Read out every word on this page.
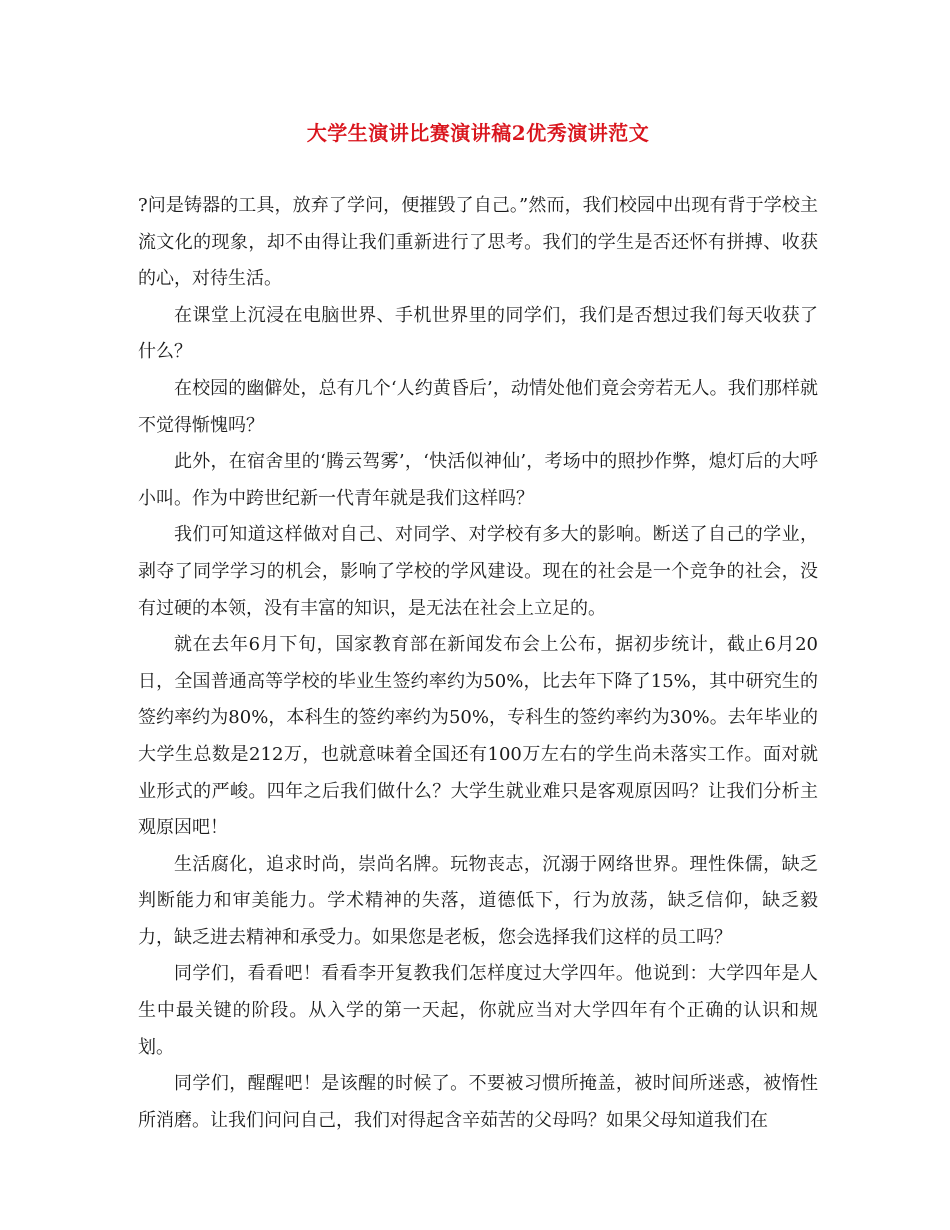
大学生演讲比赛演讲稿2优秀演讲范文

?问是铸器的工具，放弃了学问，便摧毁了自己。”然而，我们校园中出现有背于学校主流文化的现象，却不由得让我们重新进行了思考。我们的学生是否还怀有拼搏、收获的心，对待生活。

在课堂上沉浸在电脑世界、手机世界里的同学们，我们是否想过我们每天收获了什么？

在校园的幽僻处，总有几个‘人约黄昏后’，动情处他们竟会旁若无人。我们那样就不觉得惭愧吗？

此外，在宿舍里的‘腾云驾雾’，‘快活似神仙’，考场中的照抄作弊，熄灯后的大呼小叫。作为中跨世纪新一代青年就是我们这样吗？

我们可知道这样做对自己、对同学、对学校有多大的影响。断送了自己的学业，剥夺了同学学习的机会，影响了学校的学风建设。现在的社会是一个竞争的社会，没有过硬的本领，没有丰富的知识，是无法在社会上立足的。

就在去年6月下旬，国家教育部在新闻发布会上公布，据初步统计，截止6月20日，全国普通高等学校的毕业生签约率约为50%，比去年下降了15%，其中研究生的签约率约为80%，本科生的签约率约为50%，专科生的签约率约为30%。去年毕业的大学生总数是212万，也就意味着全国还有100万左右的学生尚未落实工作。面对就业形式的严峻。四年之后我们做什么？大学生就业难只是客观原因吗？让我们分析主观原因吧！

生活腐化，追求时尚，崇尚名牌。玩物丧志，沉溺于网络世界。理性侏儒，缺乏判断能力和审美能力。学术精神的失落，道德低下，行为放荡，缺乏信仰，缺乏毅力，缺乏进去精神和承受力。如果您是老板，您会选择我们这样的员工吗？

同学们，看看吧！看看李开复教我们怎样度过大学四年。他说到：大学四年是人生中最关键的阶段。从入学的第一天起，你就应当对大学四年有个正确的认识和规划。

同学们，醒醒吧！是该醒的时候了。不要被习惯所掩盖，被时间所迷惑，被惰性所消磨。让我们问问自己，我们对得起含辛茹苦的父母吗？如果父母知道我们在
